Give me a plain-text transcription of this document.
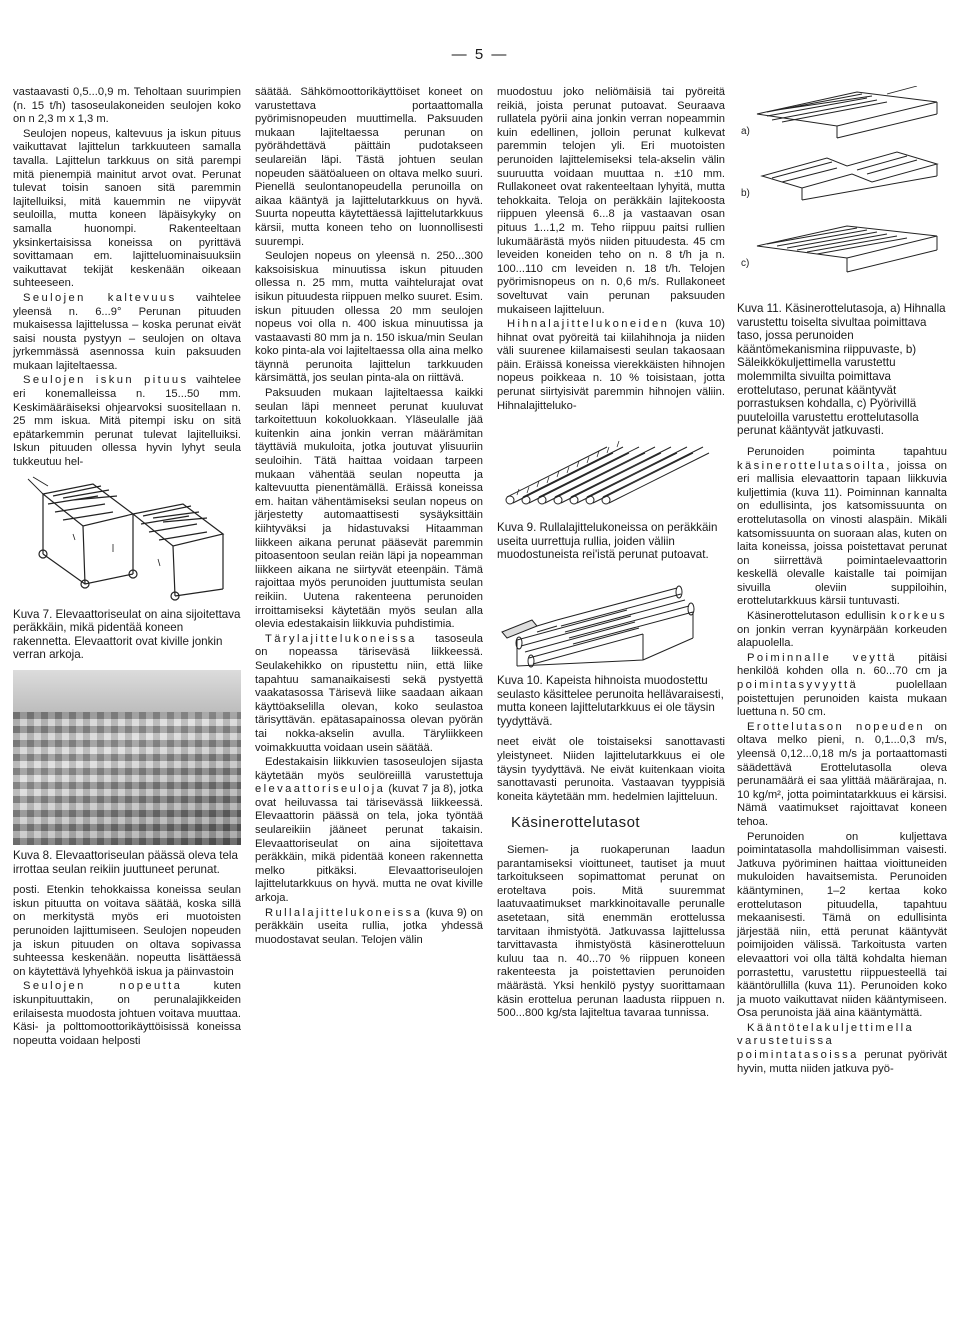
— 5 —

vastaavasti 0,5...0,9 m. Teholtaan suurimpien (n. 15 t/h) tasoseulakoneiden seulojen koko on n 2,3 m x 1,3 m.

Seulojen nopeus, kaltevuus ja iskun pituus vaikuttavat lajittelun tarkkuuteen samalla tavalla. Lajittelun tarkkuus on sitä parempi mitä pienempiä mainitut arvot ovat. Perunat tulevat toisin sanoen sitä paremmin lajitelluiksi, mitä kauemmin ne viipyvät seuloilla, mutta koneen läpäisykyky on samalla huonompi. Rakenteeltaan yksinkertaisissa koneissa on pyrittävä sovittamaan em. lajitteluominaisuuksiin vaikuttavat tekijät keskenään oikeaan suhteeseen.

Seulojen kaltevuus vaihtelee yleensä n. 6...9° Perunan pituuden mukaisessa lajittelussa – koska perunat eivät saisi nousta pystyyn – seulojen on oltava jyrkemmässä asennossa kuin paksuuden mukaan lajiteltaessa.

Seulojen iskun pituus vaihtelee eri konemalleissa n. 15...50 mm. Keskimääräiseksi ohjearvoksi suositellaan n. 25 mm iskua. Mitä pitempi isku on sitä epätarkemmin perunat tulevat lajitelluiksi. Iskun pituuden ollessa hyvin lyhyt seula tukkeutuu hel-

Kuva 7. Elevaattoriseulat on aina sijoitettava peräkkäin, mikä pidentää koneen rakennetta. Elevaattorit ovat kiville jonkin verran arkoja.
Kuva 8. Elevaattoriseulan päässä oleva tela irrottaa seulan reikiin juuttuneet perunat.

posti. Etenkin tehokkaissa koneissa seulan iskun pituutta on voitava säätää, koska sillä on merkitystä myös eri muotoisten perunoiden lajittumiseen. Seulojen nopeuden ja iskun pituuden on oltava sopivassa suhteessa keskenään. nopeutta lisättäessä on käytettävä lyhyehköä iskua ja päinvastoin

Seulojen nopeutta kuten iskunpituuttakin, on perunalajikkeiden erilaisesta muodosta johtuen voitava muuttaa. Käsi- ja polttomoottorikäyttöisissä koneissa nopeutta voidaan helposti

säätää. Sähkömoottorikäyttöiset koneet on varustettava portaattomalla pyörimisnopeuden muuttimella. Paksuuden mukaan lajiteltaessa perunan on pyörähdettävä päittäin pudotakseen seulareiän läpi. Tästä johtuen seulan nopeuden säätöalueen on oltava melko suuri. Pienellä seulontanopeudella perunoilla on aikaa kääntyä ja lajittelutarkkuus on hyvä. Suurta nopeutta käytettäessä lajittelutarkkuus kärsii, mutta koneen teho on luonnollisesti suurempi.

Seulojen nopeus on yleensä n. 250...300 kaksoisiskua minuutissa iskun pituuden ollessa n. 25 mm, mutta vaihtelurajat ovat isikun pituudesta riippuen melko suuret. Esim. iskun pituuden ollessa 20 mm seulojen nopeus voi olla n. 400 iskua minuutissa ja vastaavasti 80 mm ja n. 150 iskua/min Seulan koko pinta-ala voi lajiteltaessa olla aina melko täynnä perunoita lajittelun tarkkuuden kärsimättä, jos seulan pinta-ala on riittävä.

Paksuuden mukaan lajiteltaessa kaikki seulan läpi menneet perunat kuuluvat tarkoitettuun kokoluokkaan. Yläseulalle jää kuitenkin aina jonkin verran määrämitan täyttäviä mukuloita, jotka joutuvat ylisuuriin seuloihin. Tätä haittaa voidaan tarpeen mukaan vähentää seulan nopeutta ja kaltevuutta pienentämällä. Eräissä koneissa em. haitan vähentämiseksi seulan nopeus on järjestetty automaattisesti sysäyksittäin kiihtyväksi ja hidastuvaksi Hitaamman liikkeen aikana perunat pääsevät paremmin pitoasentoon seulan reiän läpi ja nopeamman liikkeen aikana ne siirtyvät eteenpäin. Tämä rajoittaa myös perunoiden juuttumista seulan reikiin. Uutena rakenteena perunoiden irroittamiseksi käytetään myös seulan alla olevia edestakaisin liikkuvia puhdistimia.

Tärylajittelukoneissa tasoseula on nopeassa täriseväsä liikkeessä. Seulakehikko on ripustettu niin, että liike tapahtuu samanaikaisesti sekä pystyettä vaakatasossa Tärisevä liike saadaan aikaan käyttöakselilla olevan, koko seulastoa tärisyttävän. epätasapainossa olevan pyörän tai nokka-akselin avulla. Täryliikkeen voimakkuutta voidaan usein säätää.

Edestakaisin liikkuvien tasoseulojen sijasta käytetään myös seulöreiillä varustettuja elevaattoriseuloja (kuvat 7 ja 8), jotka ovat heiluvassa tai tärisevässä liikkeessä. Elevaattorin päässä on tela, joka työntää seulareikiin jääneet perunat takaisin. Elevaattoriseulat on aina sijoitettava peräkkäin, mikä pidentää koneen rakennetta melko pitkäksi. Elevaattoriseulojen lajittelutarkkuus on hyvä. mutta ne ovat kiville arkoja.

Rullalajittelukoneissa (kuva 9) on peräkkäin useita rullia, jotka yhdessä muodostavat seulan. Telojen välin

muodostuu joko neliömäisiä tai pyöreitä reikiä, joista perunat putoavat. Seuraava rullatela pyörii aina jonkin verran nopeammin kuin edellinen, jolloin perunat kulkevat paremmin telojen yli. Eri muotoisten perunoiden lajittelemiseksi tela-akselin välin suuruutta voidaan muuttaa n. ±10 mm. Rullakoneet ovat rakenteeltaan lyhyitä, mutta tehokkaita. Teloja on peräkkäin lajitekoosta riippuen yleensä 6...8 ja vastaavan osan pituus 1...1,2 m. Teho riippuu paitsi rullien lukumäärästä myös niiden pituudesta. 45 cm leveiden koneiden teho on n. 8 t/h ja n. 100...110 cm leveiden n. 18 t/h. Telojen pyörimisnopeus on n. 0,6 m/s. Rullakoneet soveltuvat vain perunan paksuuden mukaiseen lajitteluun.

Hihnalajittelukoneiden (kuva 10) hihnat ovat pyöreitä tai kiilahihnoja ja niiden väli suurenee kiilamaisesti seulan takaosaan päin. Eräissä koneissa vierekkäisten hihnojen nopeus poikkeaa n. 10 % toisistaan, jotta perunat siirtyisivät paremmin hihnojen väliin. Hihnalajitteluko-

Kuva 9. Rullalajittelukoneissa on peräkkäin useita uurrettuja rullia, joiden väliin muodostuneista rei'istä perunat putoavat.
Kuva 10. Kapeista hihnoista muodostettu seulasto käsittelee perunoita hellävaraisesti, mutta koneen lajittelutarkkuus ei ole täysin tyydyttävä.

neet eivät ole toistaiseksi sanottavasti yleistyneet. Niiden lajittelutarkkuus ei ole täysin tyydyttävä. Ne eivät kuitenkaan vioita sanottavasti perunoita. Vastaavan tyyppisiä koneita käytetään mm. hedelmien lajitteluun.

Käsinerottelutasot

Siemen- ja ruokaperunan laadun parantamiseksi vioittuneet, tautiset ja muut tarkoitukseen sopimattomat perunat on eroteltava pois. Mitä suuremmat laatuvaatimukset markkinoitavalle perunalle asetetaan, sitä enemmän erottelussa tarvitaan ihmistyötä. Jatkuvassa lajittelussa tarvittavasta ihmistyöstä käsinerotteluun kuluu taa n. 40...70 % riippuen koneen rakenteesta ja poistettavien perunoiden määrästä. Yksi henkilö pystyy suorittamaan käsin erottelua perunan laadusta riippuen n. 500...800 kg/sta lajiteltua tavaraa tunnissa.

a)
b)
c)
Kuva 11. Käsinerottelutasoja, a) Hihnalla varustettu toiselta sivultaa poimittava taso, jossa perunoiden kääntömekanismina riippuvaste, b) Säleikkökuljettimella varustettu molemmilta sivuilta poimittava erottelutaso, perunat kääntyvät porrastuksen kohdalla, c) Pyörivillä puuteloilla varustettu erottelutasolla perunat kääntyvät jatkuvasti.

Perunoiden poiminta tapahtuu käsinerottelutasoilta, joissa on eri mallisia elevaattorin tapaan liikkuvia kuljettimia (kuva 11). Poiminnan kannalta on edullisinta, jos katsomissuunta on erottelutasolla on vinosti alaspäin. Mikäli katsomissuunta on suoraan alas, kuten on laita koneissa, joissa poistettavat perunat on siirrettävä poimintaelevaattorin keskellä olevalle kaistalle tai poimijan sivuilla oleviin suppiloihin, erottelutarkkuus kärsii tuntuvasti.

Käsinerottelutason edullisin korkeus on jonkin verran kyynärpään korkeuden alapuolella.

Poiminnalle veyttä pitäisi henkilöä kohden olla n. 60...70 cm ja poimintasyvyyttä puolellaan poistettujen perunoiden kaista mukaan luettuna n. 50 cm.

Erottelutason nopeuden on oltava melko pieni, n. 0,1...0,3 m/s, yleensä 0,12...0,18 m/s ja portaattomasti säädettävä Erottelutasolla oleva perunamäärä ei saa ylittää määrärajaa, n. 10 kg/m², jotta poimintatarkkuus ei kärsisi. Nämä vaatimukset rajoittavat koneen tehoa.

Perunoiden on kuljettava poimintatasolla mahdollisimman vaisesti. Jatkuva pyöriminen haittaa vioittuneiden mukuloiden havaitsemista. Perunoiden kääntyminen, 1–2 kertaa koko erottelutason pituudella, tapahtuu mekaanisesti. Tämä on edullisinta järjestää niin, että perunat kääntyvät poimijoiden välissä. Tarkoitusta varten elevaattori voi olla tältä kohdalta hieman porrastettu, varustettu riippuesteellä tai kääntörullilla (kuva 11). Perunoiden koko ja muoto vaikuttavat niiden kääntymiseen. Osa perunoista jää aina kääntymättä.

Kääntötelakuljettimella varustetuissa poimintatasoissa perunat pyörivät hyvin, mutta niiden jatkuva pyö-
